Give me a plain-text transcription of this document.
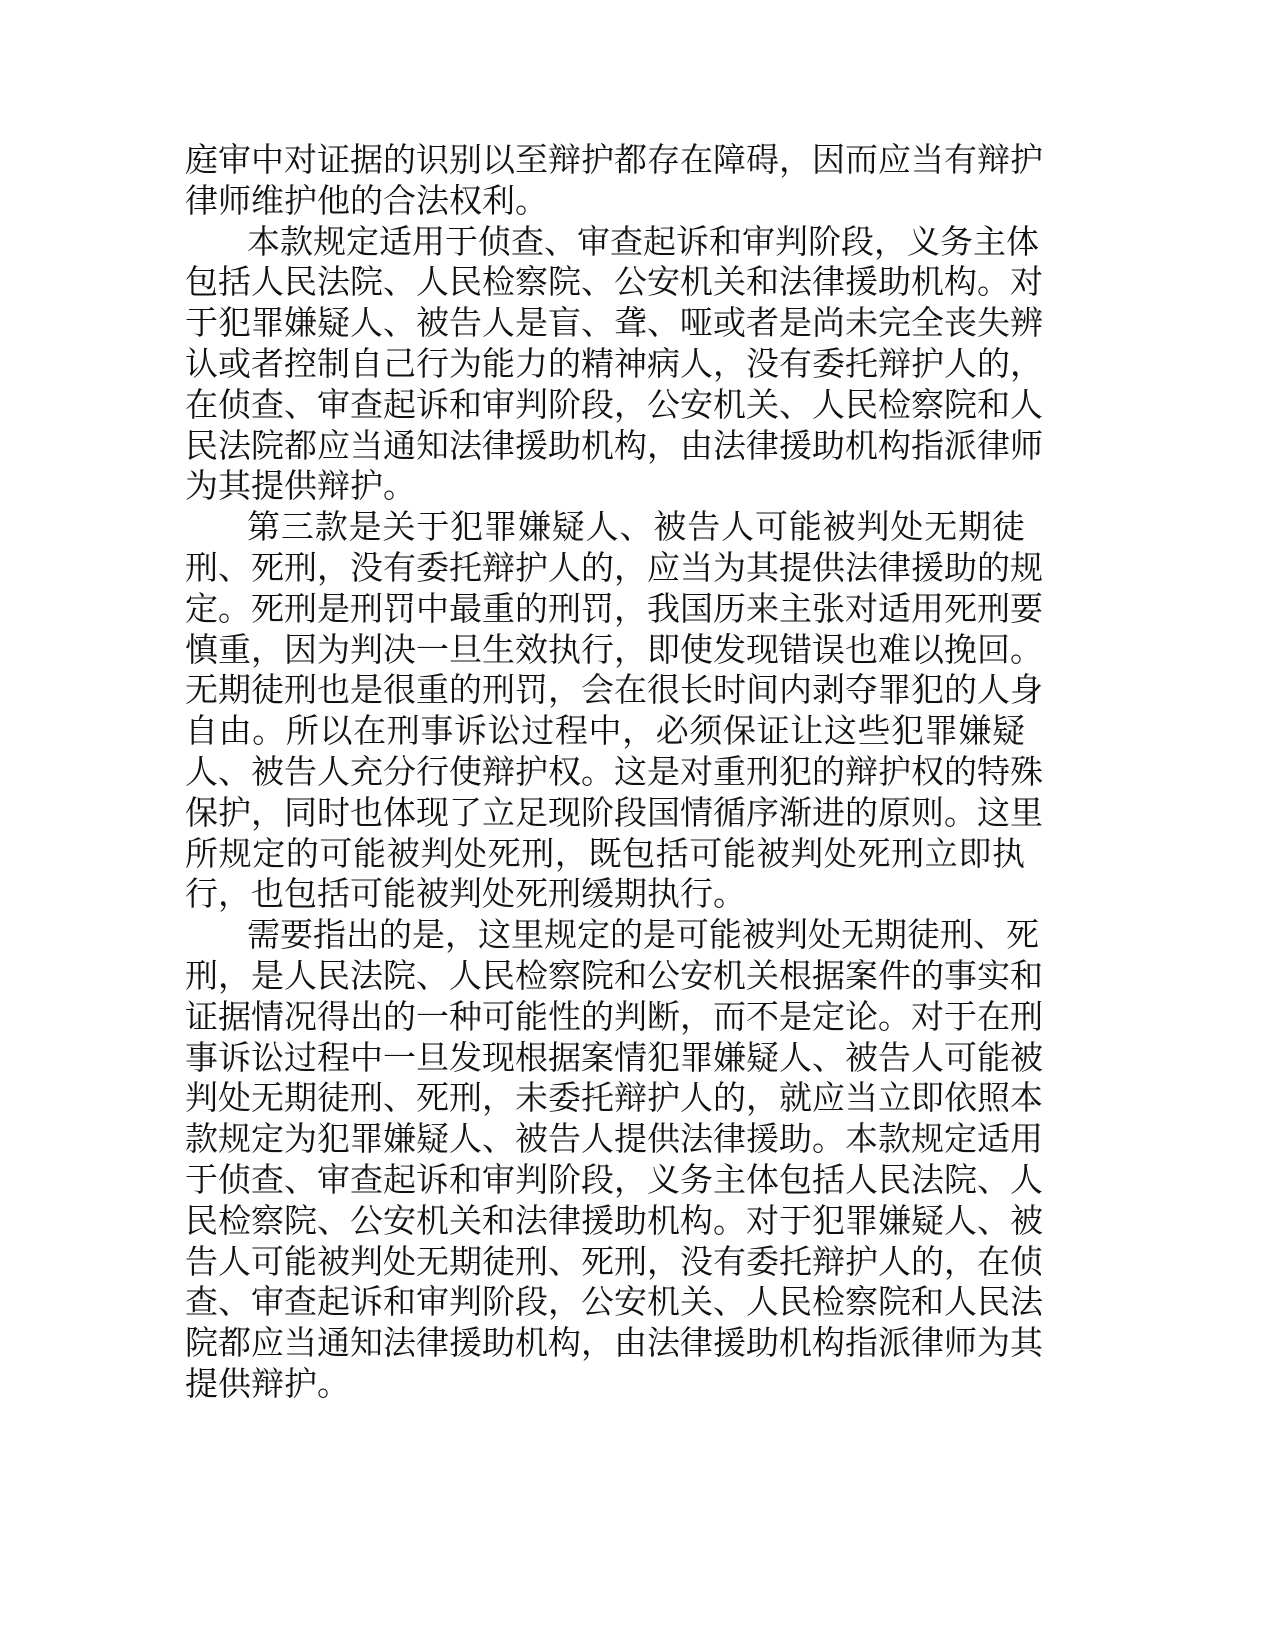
庭审中对证据的识别以至辩护都存在障碍，因而应当有辩护
律师维护他的合法权利。
本款规定适用于侦查、审查起诉和审判阶段，义务主体
包括人民法院、人民检察院、公安机关和法律援助机构。对
于犯罪嫌疑人、被告人是盲、聋、哑或者是尚未完全丧失辨
认或者控制自己行为能力的精神病人，没有委托辩护人的，
在侦查、审查起诉和审判阶段，公安机关、人民检察院和人
民法院都应当通知法律援助机构，由法律援助机构指派律师
为其提供辩护。
第三款是关于犯罪嫌疑人、被告人可能被判处无期徒
刑、死刑，没有委托辩护人的，应当为其提供法律援助的规
定。死刑是刑罚中最重的刑罚，我国历来主张对适用死刑要
慎重，因为判决一旦生效执行，即使发现错误也难以挽回。
无期徒刑也是很重的刑罚，会在很长时间内剥夺罪犯的人身
自由。所以在刑事诉讼过程中，必须保证让这些犯罪嫌疑
人、被告人充分行使辩护权。这是对重刑犯的辩护权的特殊
保护，同时也体现了立足现阶段国情循序渐进的原则。这里
所规定的可能被判处死刑，既包括可能被判处死刑立即执
行，也包括可能被判处死刑缓期执行。
需要指出的是，这里规定的是可能被判处无期徒刑、死
刑，是人民法院、人民检察院和公安机关根据案件的事实和
证据情况得出的一种可能性的判断，而不是定论。对于在刑
事诉讼过程中一旦发现根据案情犯罪嫌疑人、被告人可能被
判处无期徒刑、死刑，未委托辩护人的，就应当立即依照本
款规定为犯罪嫌疑人、被告人提供法律援助。本款规定适用
于侦查、审查起诉和审判阶段，义务主体包括人民法院、人
民检察院、公安机关和法律援助机构。对于犯罪嫌疑人、被
告人可能被判处无期徒刑、死刑，没有委托辩护人的，在侦
查、审查起诉和审判阶段，公安机关、人民检察院和人民法
院都应当通知法律援助机构，由法律援助机构指派律师为其
提供辩护。
